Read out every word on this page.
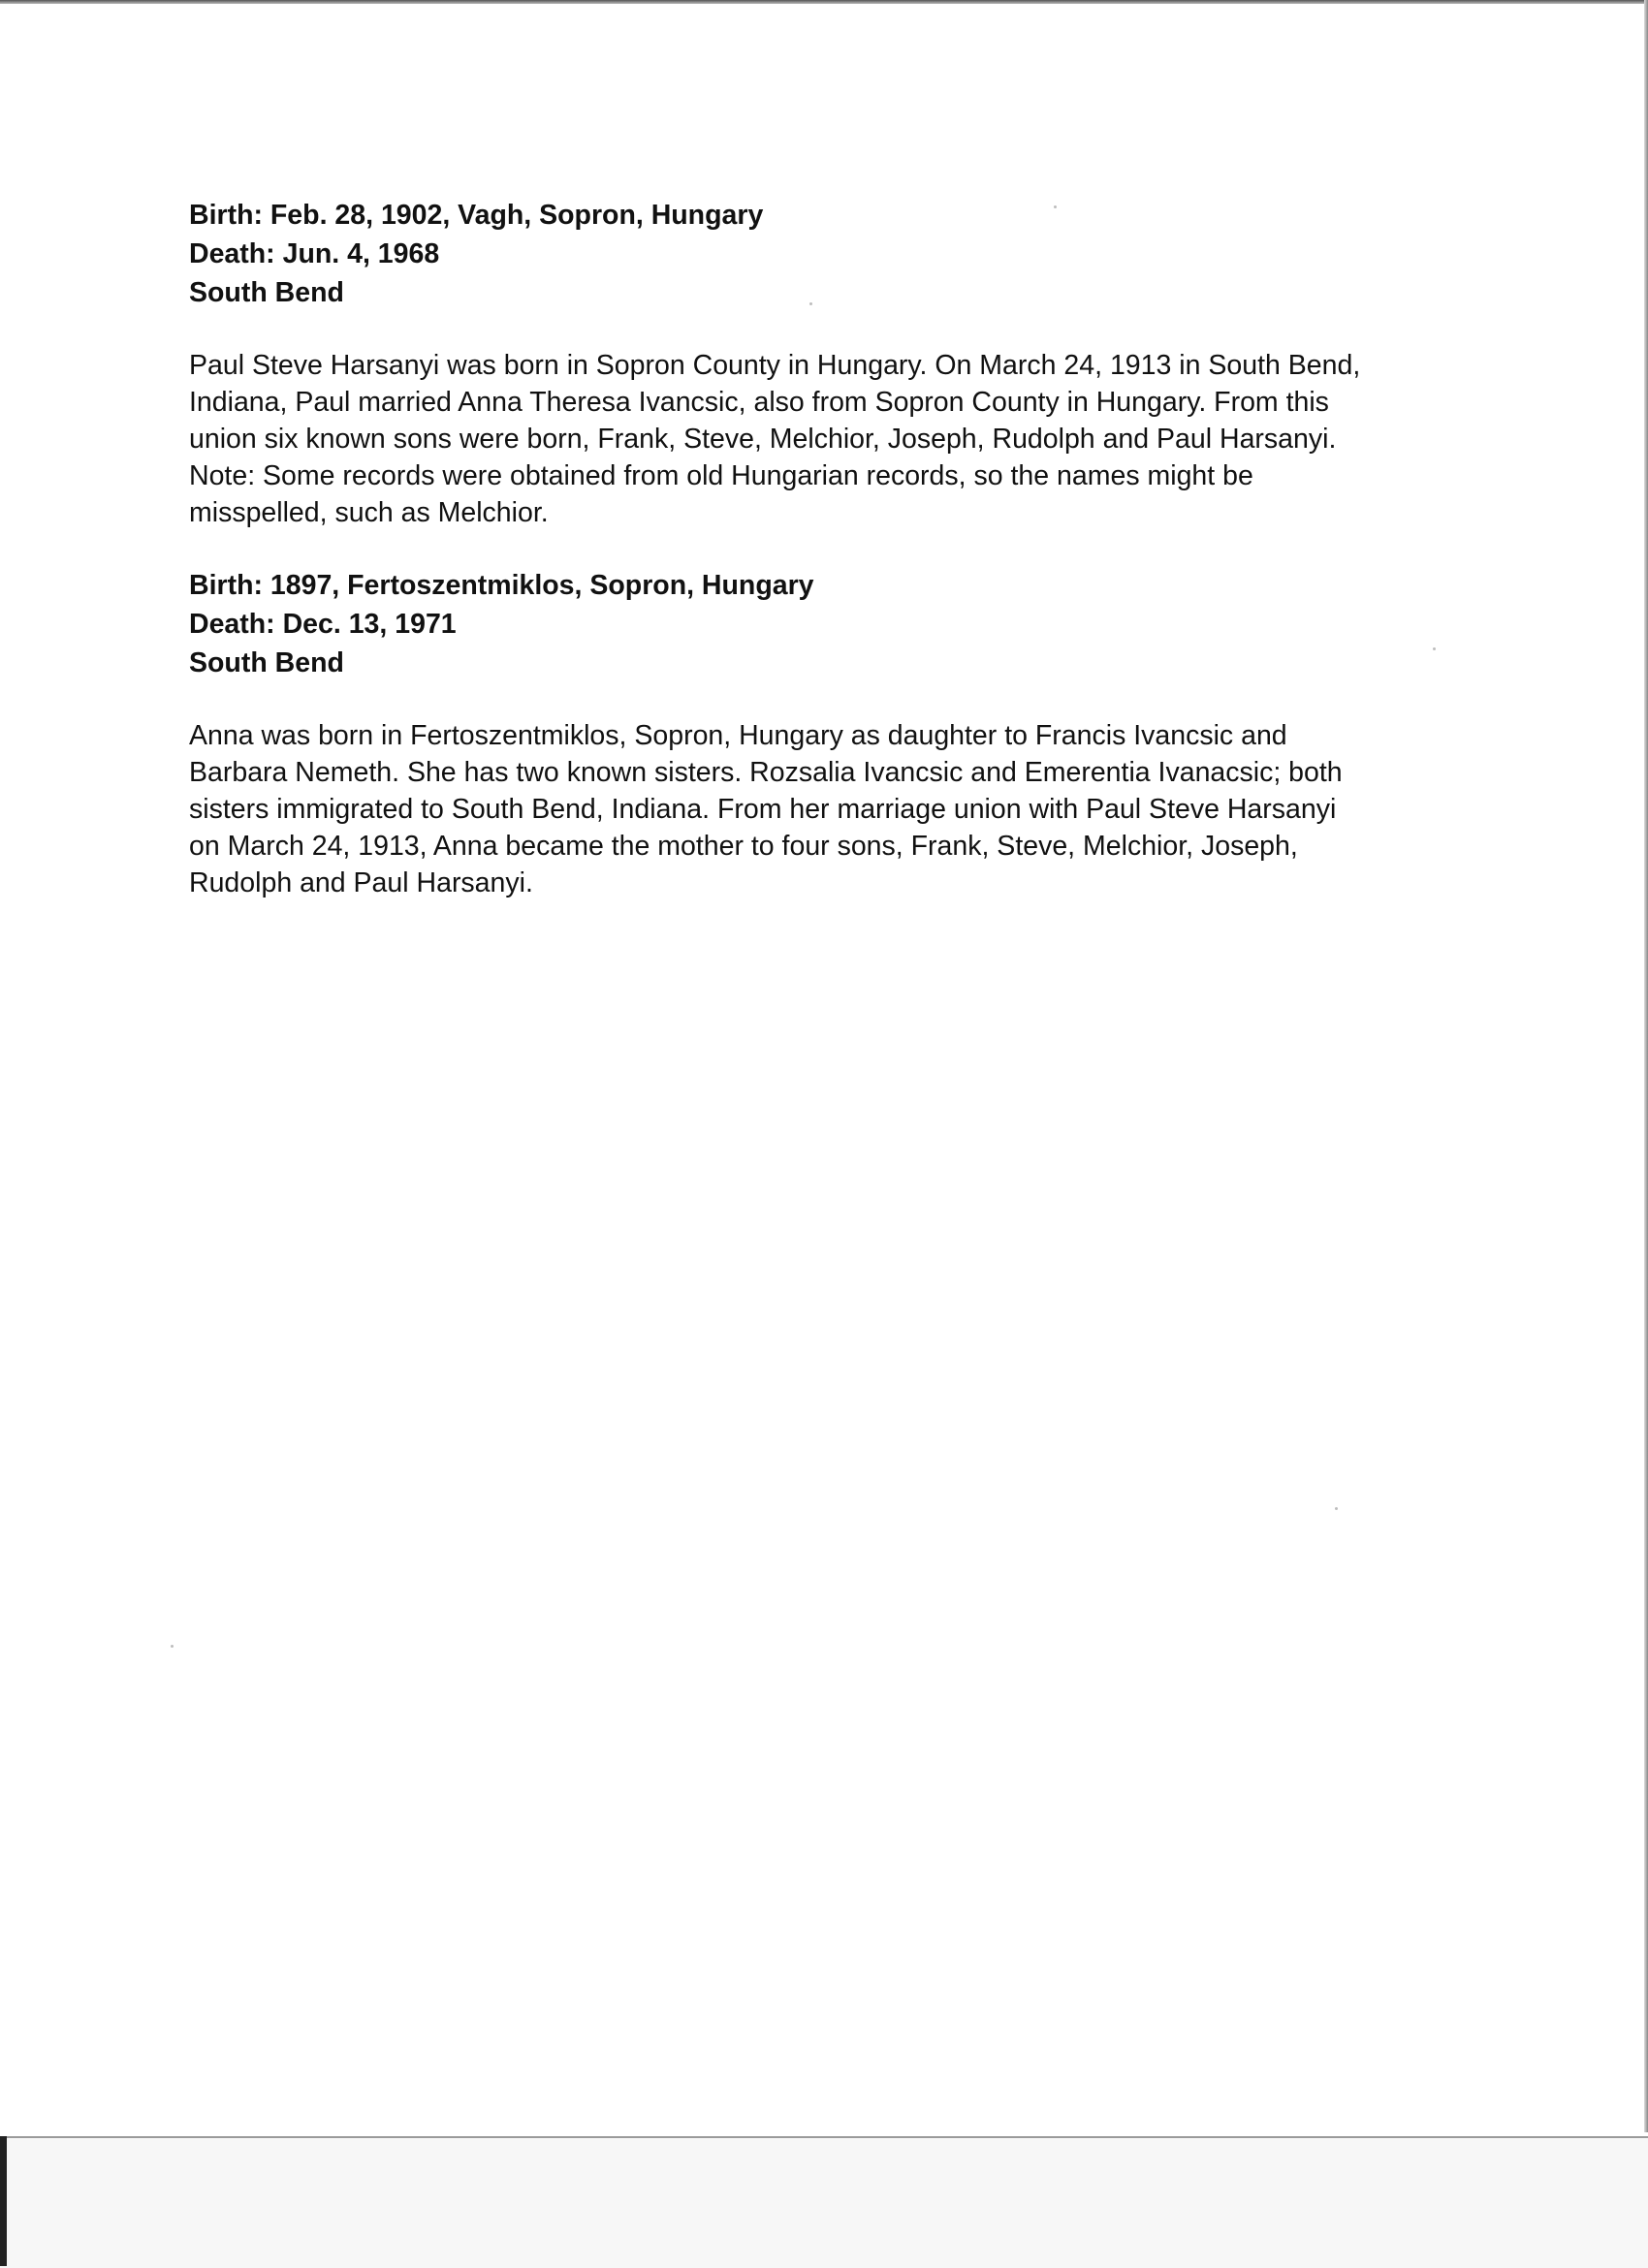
Birth: Feb. 28, 1902, Vagh, Sopron, Hungary
Death: Jun. 4, 1968
South Bend

Paul Steve Harsanyi was born in Sopron County in Hungary. On March 24, 1913 in South Bend,
Indiana, Paul married Anna Theresa Ivancsic, also from Sopron County in Hungary. From this
union six known sons were born, Frank, Steve, Melchior, Joseph, Rudolph and Paul Harsanyi.
Note: Some records were obtained from old Hungarian records, so the names might be
misspelled, such as Melchior.

Birth: 1897, Fertoszentmiklos, Sopron, Hungary
Death: Dec. 13, 1971
South Bend

Anna was born in Fertoszentmiklos, Sopron, Hungary as daughter to Francis Ivancsic and
Barbara Nemeth. She has two known sisters. Rozsalia Ivancsic and Emerentia Ivanacsic; both
sisters immigrated to South Bend, Indiana. From her marriage union with Paul Steve Harsanyi
on March 24, 1913, Anna became the mother to four sons, Frank, Steve, Melchior, Joseph,
Rudolph and Paul Harsanyi.
